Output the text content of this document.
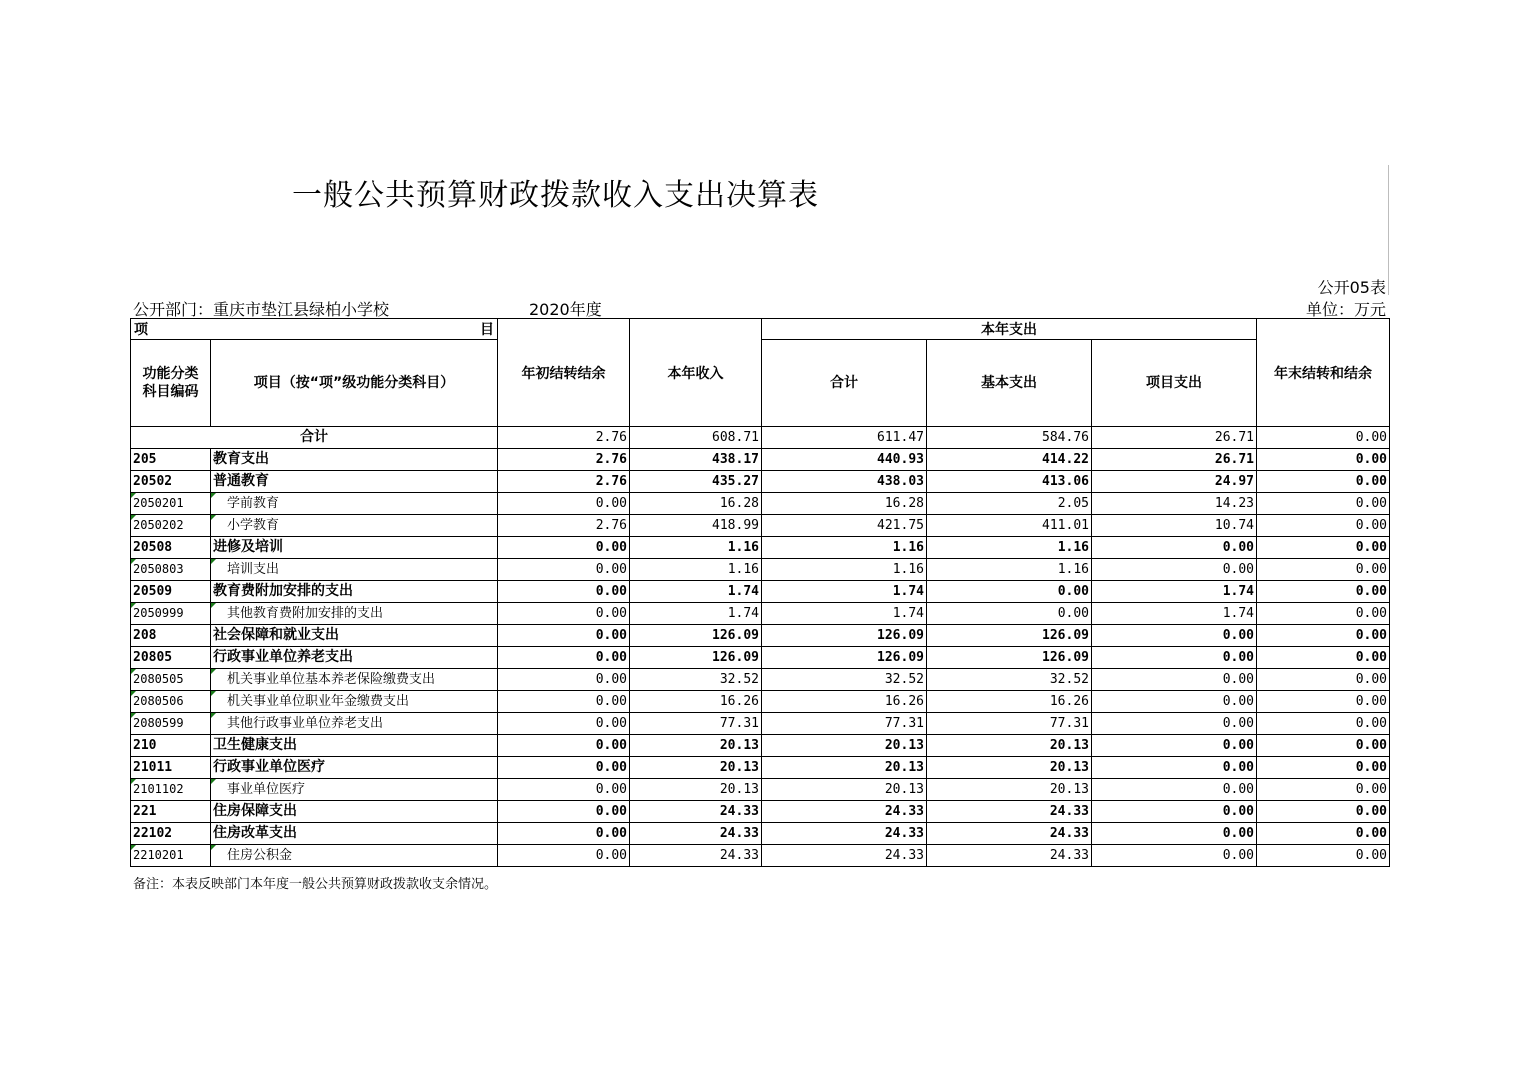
一般公共预算财政拨款收入支出决算表
公开05表
公开部门：重庆市垫江县绿柏小学校	2020年度	单位：万元
项 目		年初结转结余	本年收入	本年支出			年末结转和结余
功能分类
科目编码	项目（按“项”级功能分类科目）			合计	基本支出	项目支出	
合计		2.76	608.71	611.47	584.76	26.71	0.00
205	教育支出	2.76	438.17	440.93	414.22	26.71	0.00
20502	普通教育	2.76	435.27	438.03	413.06	24.97	0.00
2050201	学前教育	0.00	16.28	16.28	2.05	14.23	0.00
2050202	小学教育	2.76	418.99	421.75	411.01	10.74	0.00
20508	进修及培训	0.00	1.16	1.16	1.16	0.00	0.00
2050803	培训支出	0.00	1.16	1.16	1.16	0.00	0.00
20509	教育费附加安排的支出	0.00	1.74	1.74	0.00	1.74	0.00
2050999	其他教育费附加安排的支出	0.00	1.74	1.74	0.00	1.74	0.00
208	社会保障和就业支出	0.00	126.09	126.09	126.09	0.00	0.00
20805	行政事业单位养老支出	0.00	126.09	126.09	126.09	0.00	0.00
2080505	机关事业单位基本养老保险缴费支出	0.00	32.52	32.52	32.52	0.00	0.00
2080506	机关事业单位职业年金缴费支出	0.00	16.26	16.26	16.26	0.00	0.00
2080599	其他行政事业单位养老支出	0.00	77.31	77.31	77.31	0.00	0.00
210	卫生健康支出	0.00	20.13	20.13	20.13	0.00	0.00
21011	行政事业单位医疗	0.00	20.13	20.13	20.13	0.00	0.00
2101102	事业单位医疗	0.00	20.13	20.13	20.13	0.00	0.00
221	住房保障支出	0.00	24.33	24.33	24.33	0.00	0.00
22102	住房改革支出	0.00	24.33	24.33	24.33	0.00	0.00
2210201	住房公积金	0.00	24.33	24.33	24.33	0.00	0.00
备注：本表反映部门本年度一般公共预算财政拨款收支余情况。
